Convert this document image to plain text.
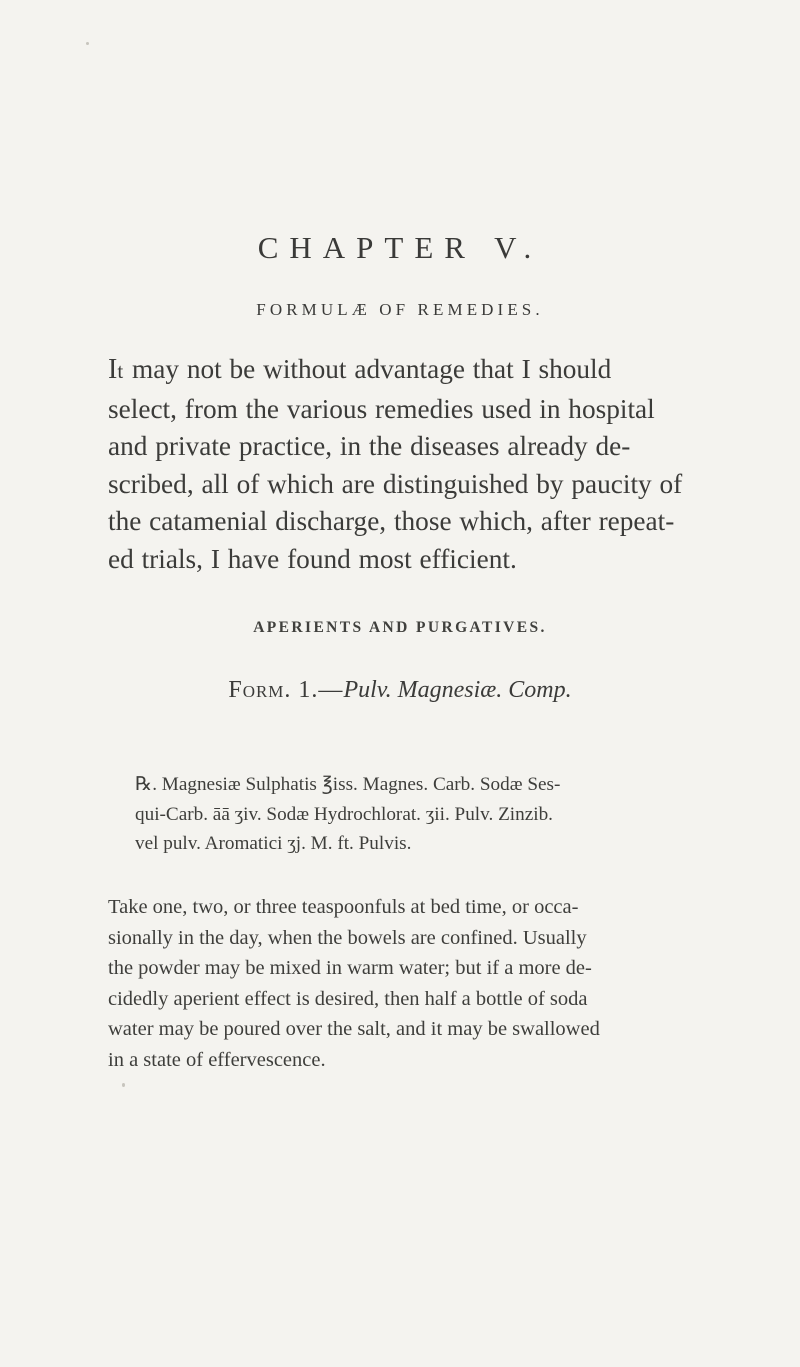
CHAPTER V.
FORMULÆ OF REMEDIES.
It may not be without advantage that I should
select, from the various remedies used in hospital
and private practice, in the diseases already de-
scribed, all of which are distinguished by paucity of
the catamenial discharge, those which, after repeat-
ed trials, I have found most efficient.
APERIENTS AND PURGATIVES.
Form. 1.—Pulv. Magnesiæ. Comp.
℞. Magnesiæ Sulphatis ℥iss. Magnes. Carb. Sodæ Ses-
qui-Carb. āā ʒiv. Sodæ Hydrochlorat. ʒii. Pulv. Zinzib.
vel pulv. Aromatici ʒj. M. ft. Pulvis.
Take one, two, or three teaspoonfuls at bed time, or occa-
sionally in the day, when the bowels are confined. Usually
the powder may be mixed in warm water; but if a more de-
cidedly aperient effect is desired, then half a bottle of soda
water may be poured over the salt, and it may be swallowed
in a state of effervescence.
